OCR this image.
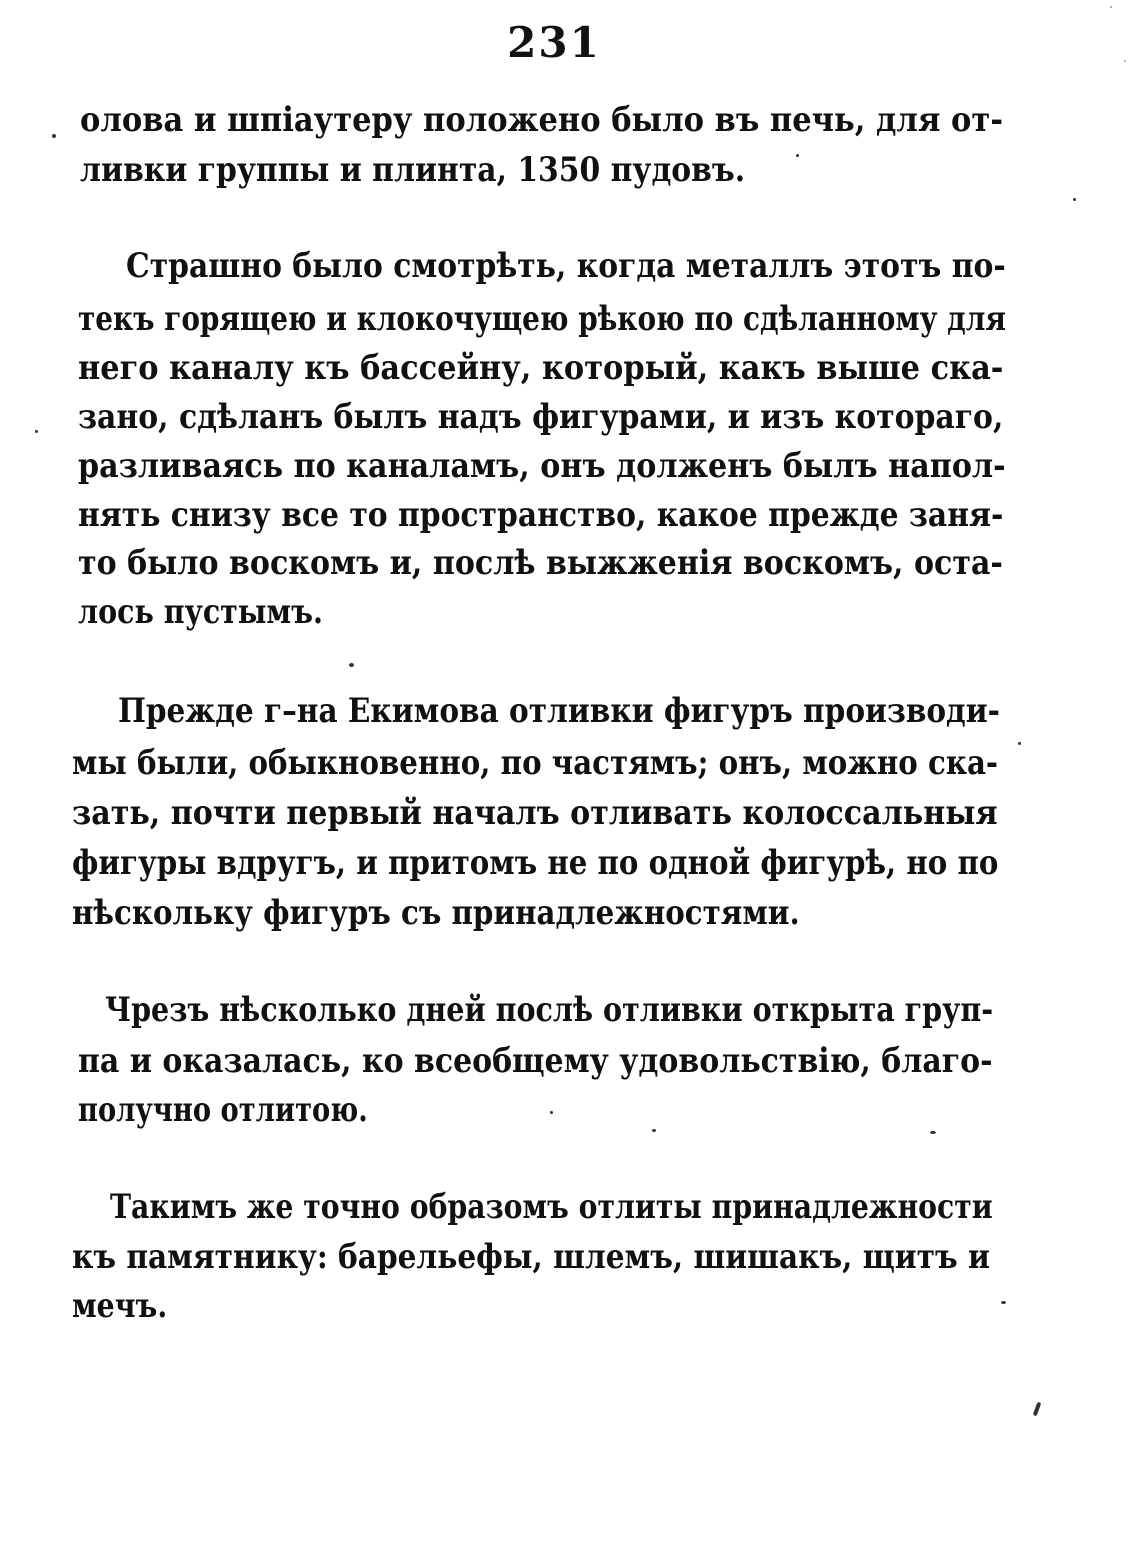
231
олова и шпіаутеру положено было въ печь, для от-
ливки группы и плинта, 1350 пудовъ.
Страшно было смотрѣть, когда металлъ этотъ по-
текъ горящею и клокочущею рѣкою по сдѣланному для
него каналу къ бассейну, который, какъ выше ска-
зано, сдѣланъ былъ надъ фигурами, и изъ котораго,
разливаясь по каналамъ, онъ долженъ былъ напол-
нять снизу все то пространство, какое прежде заня-
то было воскомъ и, послѣ выжженія воскомъ, оста-
лось пустымъ.
Прежде г–на Екимова отливки фигуръ производи-
мы были, обыкновенно, по частямъ; онъ, можно ска-
зать, почти первый началъ отливать колоссальныя
фигуры вдругъ, и притомъ не по одной фигурѣ, но по
нѣскольку фигуръ съ принадлежностями.
Чрезъ нѣсколько дней послѣ отливки открыта груп-
па и оказалась, ко всеобщему удовольствію, благо-
получно отлитою.
Такимъ же точно образомъ отлиты принадлежности
къ памятнику: барельефы, шлемъ, шишакъ, щитъ и
мечъ.
